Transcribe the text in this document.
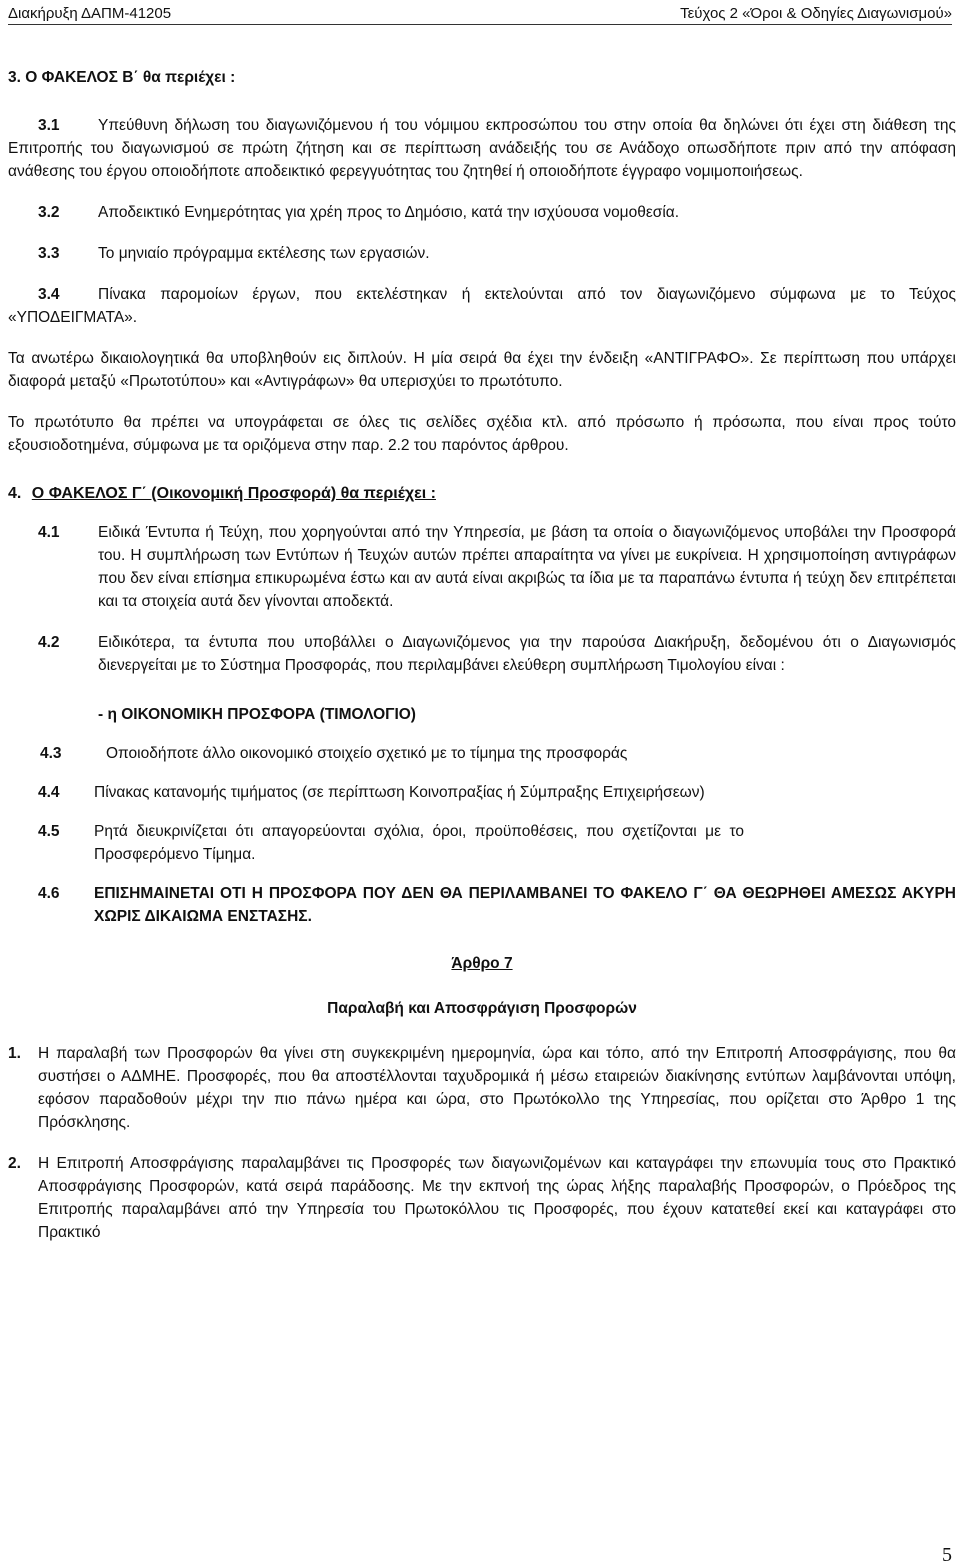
Διακήρυξη ΔΑΠΜ-41205	Τεύχος 2 «Όροι & Οδηγίες Διαγωνισμού»
3. Ο ΦΑΚΕΛΟΣ Β΄ θα περιέχει :
3.1	Υπεύθυνη δήλωση του διαγωνιζόμενου ή του νόμιμου εκπροσώπου του στην οποία θα δηλώνει ότι έχει στη διάθεση της Επιτροπής του διαγωνισμού σε πρώτη ζήτηση και σε περίπτωση ανάδειξής του σε Ανάδοχο οπωσδήποτε πριν από την απόφαση ανάθεσης του έργου οποιοδήποτε αποδεικτικό φερεγγυότητας του ζητηθεί ή οποιοδήποτε έγγραφο νομιμοποιήσεως.
3.2 Αποδεικτικό Ενημερότητας για χρέη προς το Δημόσιο, κατά την ισχύουσα νομοθεσία.
3.3 Το μηνιαίο πρόγραμμα εκτέλεσης των εργασιών.
3.4	Πίνακα παρομοίων έργων, που εκτελέστηκαν ή εκτελούνται από τον διαγωνιζόμενο σύμφωνα με το Τεύχος «ΥΠΟΔΕΙΓΜΑΤΑ».
Τα ανωτέρω δικαιολογητικά θα υποβληθούν εις διπλούν. Η μία σειρά θα έχει την ένδειξη «ΑΝΤΙΓΡΑΦΟ». Σε περίπτωση που υπάρχει διαφορά μεταξύ «Πρωτοτύπου» και «Αντιγράφων» θα υπερισχύει το πρωτότυπο.
Το πρωτότυπο θα πρέπει να υπογράφεται σε όλες τις σελίδες σχέδια κτλ. από πρόσωπο ή πρόσωπα, που είναι προς τούτο εξουσιοδοτημένα, σύμφωνα με τα οριζόμενα στην παρ. 2.2 του παρόντος άρθρου.
4. Ο ΦΑΚΕΛΟΣ Γ΄ (Οικονομική Προσφορά) θα περιέχει :
4.1 Ειδικά Έντυπα ή Τεύχη, που χορηγούνται από την Υπηρεσία, με βάση τα οποία ο διαγωνιζόμενος υποβάλει την Προσφορά του. Η συμπλήρωση των Εντύπων ή Τευχών αυτών πρέπει απαραίτητα να γίνει με ευκρίνεια. Η χρησιμοποίηση αντιγράφων που δεν είναι επίσημα επικυρωμένα έστω και αν αυτά είναι ακριβώς τα ίδια με τα παραπάνω έντυπα ή τεύχη δεν επιτρέπεται και τα στοιχεία αυτά δεν γίνονται αποδεκτά.
4.2 Ειδικότερα, τα έντυπα που υποβάλλει ο Διαγωνιζόμενος για την παρούσα Διακήρυξη, δεδομένου ότι ο Διαγωνισμός διενεργείται με το Σύστημα Προσφοράς, που περιλαμβάνει ελεύθερη συμπλήρωση Τιμολογίου είναι :
- η ΟΙΚΟΝΟΜΙΚΗ ΠΡΟΣΦΟΡΑ (ΤΙΜΟΛΟΓΙΟ)
4.3	Οποιοδήποτε άλλο οικονομικό στοιχείο σχετικό με το τίμημα της προσφοράς
4.4 Πίνακας κατανομής τιμήματος (σε περίπτωση Κοινοπραξίας ή Σύμπραξης Επιχειρήσεων)
4.5 Ρητά διευκρινίζεται ότι απαγορεύονται σχόλια, όροι, προϋποθέσεις, που σχετίζονται με το Προσφερόμενο Τίμημα.
4.6 ΕΠΙΣΗΜΑΙΝΕΤΑΙ ΟΤΙ Η ΠΡΟΣΦΟΡΑ ΠΟΥ ΔΕΝ ΘΑ ΠΕΡΙΛΑΜΒΑΝΕΙ ΤΟ ΦΑΚΕΛΟ Γ΄ ΘΑ ΘΕΩΡΗΘΕΙ ΑΜΕΣΩΣ ΑΚΥΡΗ ΧΩΡΙΣ ΔΙΚΑΙΩΜΑ ΕΝΣΤΑΣΗΣ.
Άρθρο 7
Παραλαβή και Αποσφράγιση Προσφορών
1. Η παραλαβή των Προσφορών θα γίνει στη συγκεκριμένη ημερομηνία, ώρα και τόπο, από την Επιτροπή Αποσφράγισης, που θα συστήσει ο ΑΔΜΗΕ. Προσφορές, που θα αποστέλλονται ταχυδρομικά ή μέσω εταιρειών διακίνησης εντύπων λαμβάνονται υπόψη, εφόσον παραδοθούν μέχρι την πιο πάνω ημέρα και ώρα, στο Πρωτόκολλο της Υπηρεσίας, που ορίζεται στο Άρθρο 1 της Πρόσκλησης.
2. Η Επιτροπή Αποσφράγισης παραλαμβάνει τις Προσφορές των διαγωνιζομένων και καταγράφει την επωνυμία τους στο Πρακτικό Αποσφράγισης Προσφορών, κατά σειρά παράδοσης. Με την εκπνοή της ώρας λήξης παραλαβής Προσφορών, ο Πρόεδρος της Επιτροπής παραλαμβάνει από την Υπηρεσία του Πρωτοκόλλου τις Προσφορές, που έχουν κατατεθεί εκεί και καταγράφει στο Πρακτικό
5
